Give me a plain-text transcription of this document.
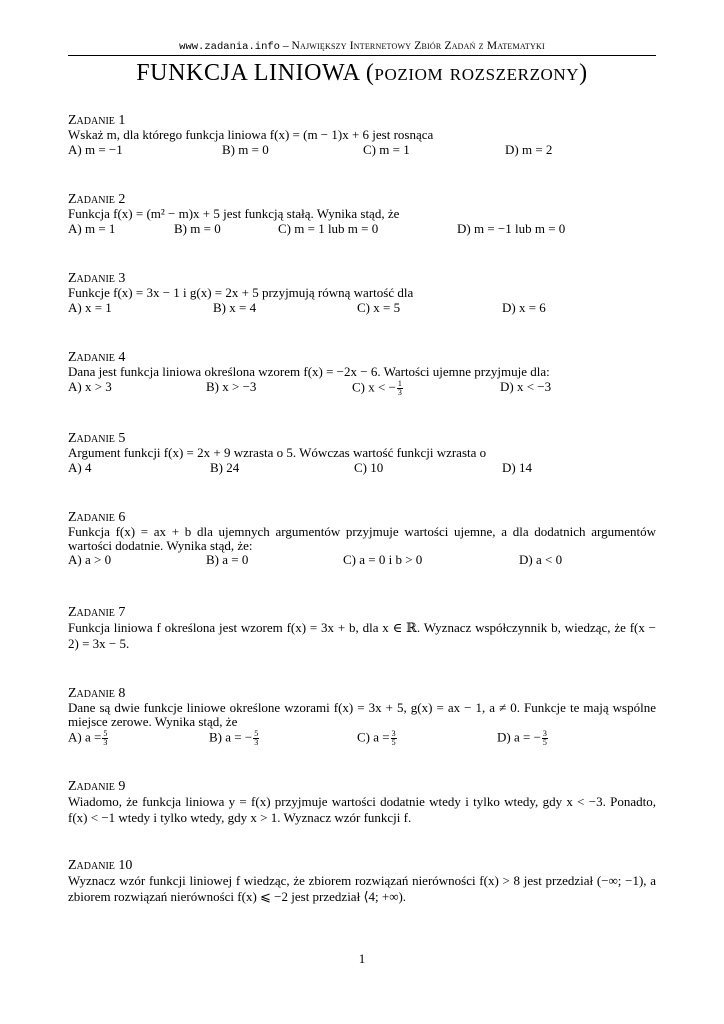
www.zadania.info – Największy Internetowy Zbiór Zadań z Matematyki
FUNKCJA LINIOWA (poziom rozszerzony)
Zadanie 1
Wskaż m, dla którego funkcja liniowa f(x) = (m − 1)x + 6 jest rosnąca
A) m = −1	B) m = 0	C) m = 1	D) m = 2
Zadanie 2
Funkcja f(x) = (m² − m)x + 5 jest funkcją stałą. Wynika stąd, że
A) m = 1	B) m = 0	C) m = 1 lub m = 0	D) m = −1 lub m = 0
Zadanie 3
Funkcje f(x) = 3x − 1 i g(x) = 2x + 5 przyjmują równą wartość dla
A) x = 1	B) x = 4	C) x = 5	D) x = 6
Zadanie 4
Dana jest funkcja liniowa określona wzorem f(x) = −2x − 6. Wartości ujemne przyjmuje dla:
A) x > 3	B) x > −3	C) x < − $\frac{1}{3}$	D) x < −3
Zadanie 5
Argument funkcji f(x) = 2x + 9 wzrasta o 5. Wówczas wartość funkcji wzrasta o
A) 4	B) 24	C) 10	D) 14
Zadanie 6
Funkcja f(x) = ax + b dla ujemnych argumentów przyjmuje wartości ujemne, a dla dodatnich argumentów wartości dodatnie. Wynika stąd, że:
A) a > 0	B) a = 0	C) a = 0 i b > 0	D) a < 0
Zadanie 7
Funkcja liniowa f określona jest wzorem f(x) = 3x + b, dla x ∈ ℝ. Wyznacz współczynnik b, wiedząc, że f(x − 2) = 3x − 5.
Zadanie 8
Dane są dwie funkcje liniowe określone wzorami f(x) = 3x + 5, g(x) = ax − 1, a ≠ 0. Funkcje te mają wspólne miejsce zerowe. Wynika stąd, że
A) $a = \frac{5}{3}$	B) a = − $\frac{5}{3}$	C) $a = \frac{3}{5}$	D) a = − $\frac{3}{5}$
Zadanie 9
Wiadomo, że funkcja liniowa y = f(x) przyjmuje wartości dodatnie wtedy i tylko wtedy, gdy x < −3. Ponadto, f(x) < −1 wtedy i tylko wtedy, gdy x > 1. Wyznacz wzór funkcji f.
Zadanie 10
Wyznacz wzór funkcji liniowej f wiedząc, że zbiorem rozwiązań nierówności f(x) > 8 jest przedział (−∞; −1), a zbiorem rozwiązań nierówności f(x) ⩽ −2 jest przedział ⟨4; +∞).
1
